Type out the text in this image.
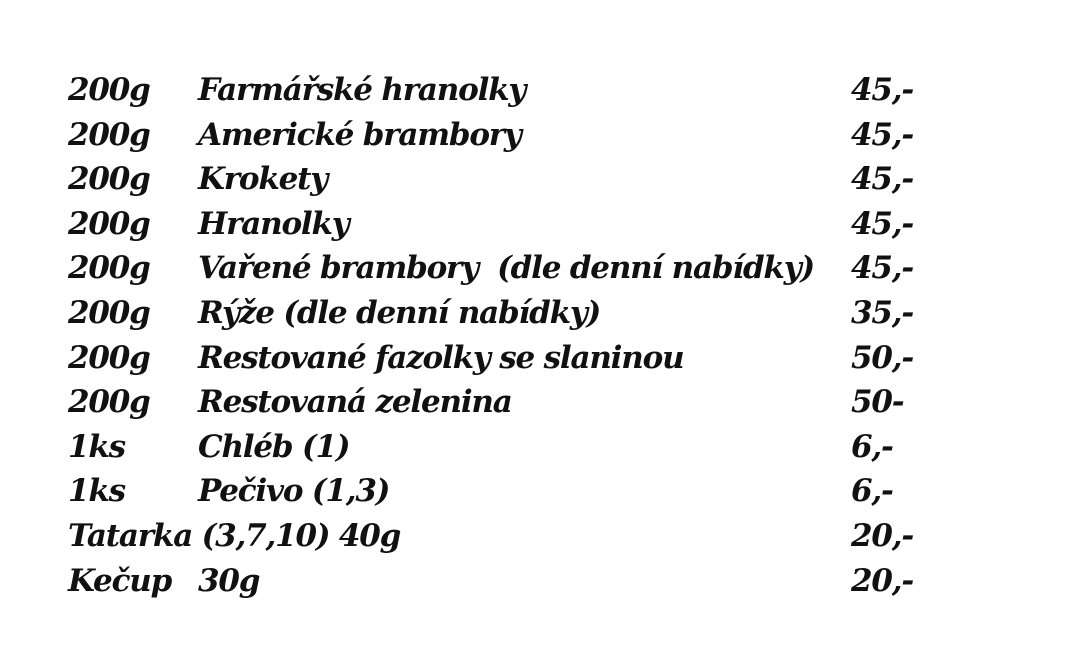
200g Farmářské hranolky	45,-
200g Americké brambory	45,-
200g Krokety	45,-
200g Hranolky	45,-
200g Vařené brambory  (dle denní nabídky) 45,-
200g Rýže (dle denní nabídky)	35,-
200g Restované fazolky se slaninou	50,-
200g Restovaná zelenina	50-
1ks Chléb (1)	6,-
1ks Pečivo (1,3)	6,-
Tatarka (3,7,10) 40g	20,-
Kečup 30g	20,-
